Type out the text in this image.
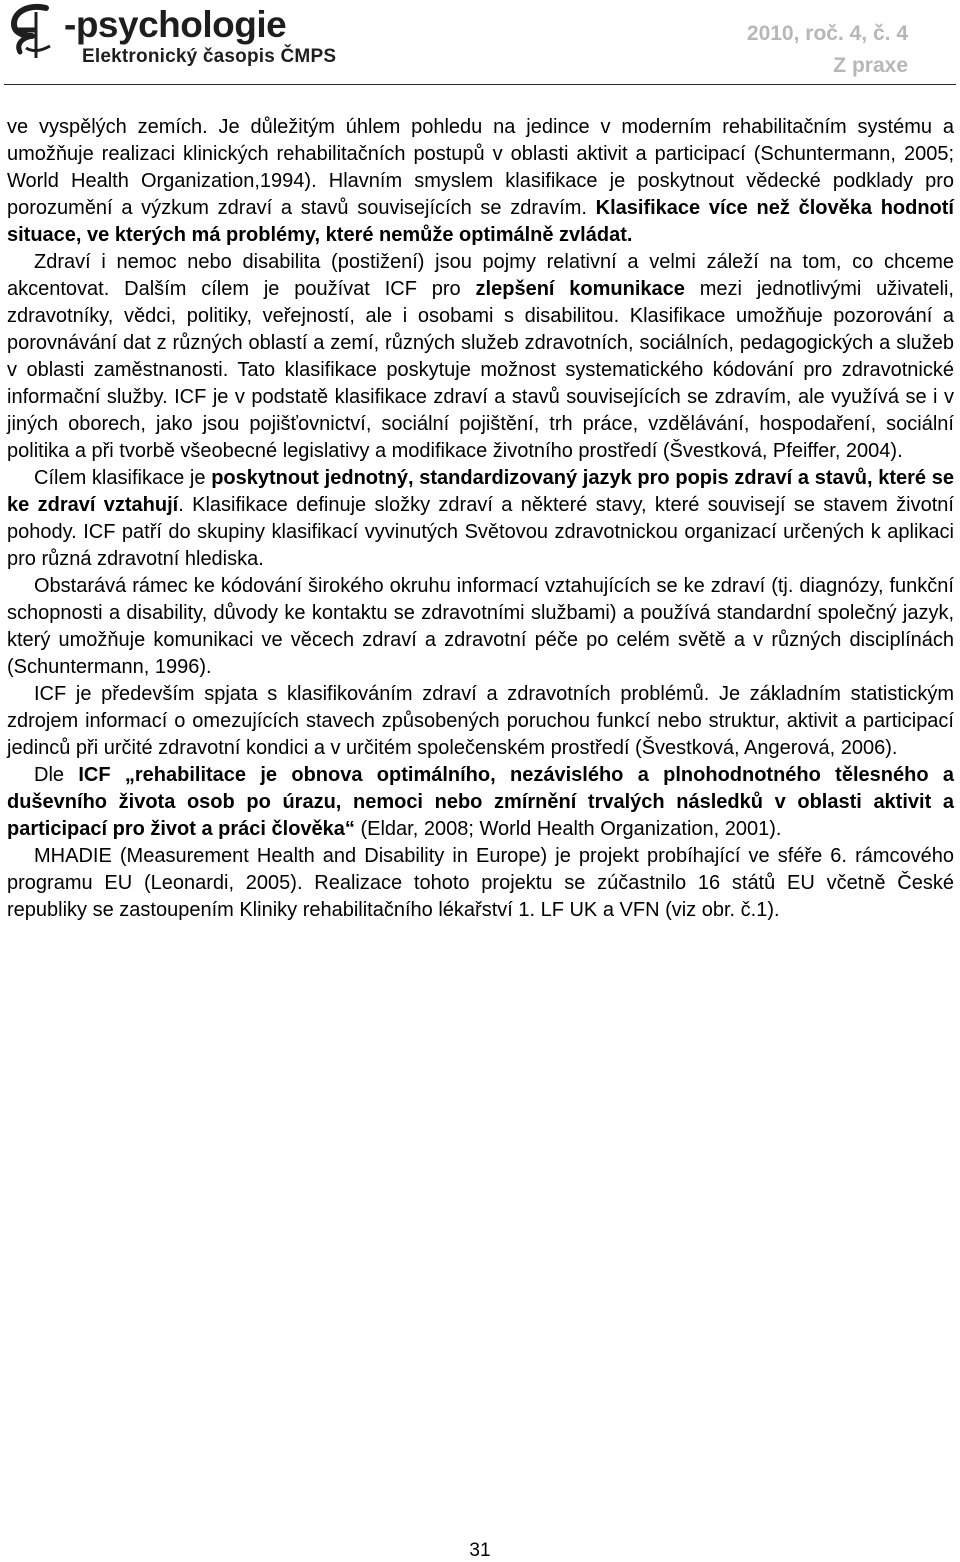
-psychologie
Elektronický časopis ČMPS
2010, roč. 4, č. 4
Z praxe

ve vyspělých zemích. Je důležitým úhlem pohledu na jedince v moderním rehabilitačním systému a umožňuje realizaci klinických rehabilitačních postupů v oblasti aktivit a participací (Schuntermann, 2005; World Health Organization,1994). Hlavním smyslem klasifikace je poskytnout vědecké podklady pro porozumění a výzkum zdraví a stavů souvisejících se zdravím. Klasifikace více než člověka hodnotí situace, ve kterých má problémy, které nemůže optimálně zvládat.

Zdraví i nemoc nebo disabilita (postižení) jsou pojmy relativní a velmi záleží na tom, co chceme akcentovat. Dalším cílem je používat ICF pro zlepšení komunikace mezi jednotlivými uživateli, zdravotníky, vědci, politiky, veřejností, ale i osobami s disabilitou. Klasifikace umožňuje pozorování a porovnávání dat z různých oblastí a zemí, různých služeb zdravotních, sociálních, pedagogických a služeb v oblasti zaměstnanosti. Tato klasifikace poskytuje možnost systematického kódování pro zdravotnické informační služby. ICF je v podstatě klasifikace zdraví a stavů souvisejících se zdravím, ale využívá se i v jiných oborech, jako jsou pojišťovnictví, sociální pojištění, trh práce, vzdělávání, hospodaření, sociální politika a při tvorbě všeobecné legislativy a modifikace životního prostředí (Švestková, Pfeiffer, 2004).

Cílem klasifikace je poskytnout jednotný, standardizovaný jazyk pro popis zdraví a stavů, které se ke zdraví vztahují. Klasifikace definuje složky zdraví a některé stavy, které souvisejí se stavem životní pohody. ICF patří do skupiny klasifikací vyvinutých Světovou zdravotnickou organizací určených k aplikaci pro různá zdravotní hlediska.

Obstarává rámec ke kódování širokého okruhu informací vztahujících se ke zdraví (tj. diagnózy, funkční schopnosti a disability, důvody ke kontaktu se zdravotními službami) a používá standardní společný jazyk, který umožňuje komunikaci ve věcech zdraví a zdravotní péče po celém světě a v různých disciplínách (Schuntermann, 1996).

ICF je především spjata s klasifikováním zdraví a zdravotních problémů. Je základním statistickým zdrojem informací o omezujících stavech způsobených poruchou funkcí nebo struktur, aktivit a participací jedinců při určité zdravotní kondici a v určitém společenském prostředí (Švestková, Angerová, 2006).

Dle ICF „rehabilitace je obnova optimálního, nezávislého a plnohodnotného tělesného a duševního života osob po úrazu, nemoci nebo zmírnění trvalých následků v oblasti aktivit a participací pro život a práci člověka“ (Eldar, 2008; World Health Organization, 2001).

MHADIE (Measurement Health and Disability in Europe) je projekt probíhající ve sféře 6. rámcového programu EU (Leonardi, 2005). Realizace tohoto projektu se zúčastnilo 16 států EU včetně České republiky se zastoupením Kliniky rehabilitačního lékařství 1. LF UK a VFN (viz obr. č.1).

31
